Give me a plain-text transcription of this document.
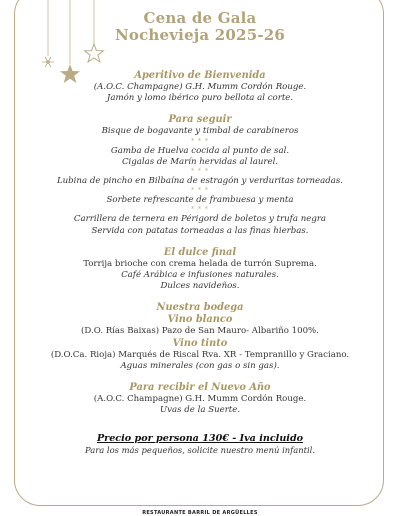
Cena de Gala
Nochevieja 2025-26
Aperitivo de Bienvenida
(A.O.C. Champagne) G.H. Mumm Cordón Rouge.
Jamón y lomo ibérico puro bellota al corte.
Para seguir
Bisque de bogavante y timbal de carabineros
* * *
Gamba de Huelva cocida al punto de sal.
Cigalas de Marín hervidas al laurel.
* * *
Lubina de pincho en Bilbaína de estragón y verduritas torneadas.
* * *
Sorbete refrescante de frambuesa y menta
* * *
Carrillera de ternera en Périgord de boletos y trufa negra
Servida con patatas torneadas a las finas hierbas.
El dulce final
Torrija brioche con crema helada de turrón Suprema.
Café Arábica e infusiones naturales.
Dulces navideños.
Nuestra bodega
Vino blanco
(D.O. Rías Baixas) Pazo de San Mauro- Albariño 100%.
Vino tinto
(D.O.Ca. Rioja) Marqués de Riscal Rva. XR - Tempranillo y Graciano.
Aguas minerales (con gas o sin gas).
Para recibir el Nuevo Año
(A.O.C. Champagne) G.H. Mumm Cordón Rouge.
Uvas de la Suerte.
Precio por persona 130€ - Iva incluido
Para los más pequeños, solicite nuestro menú infantil.
RESTAURANTE BARRIL DE ARGÜELLES
